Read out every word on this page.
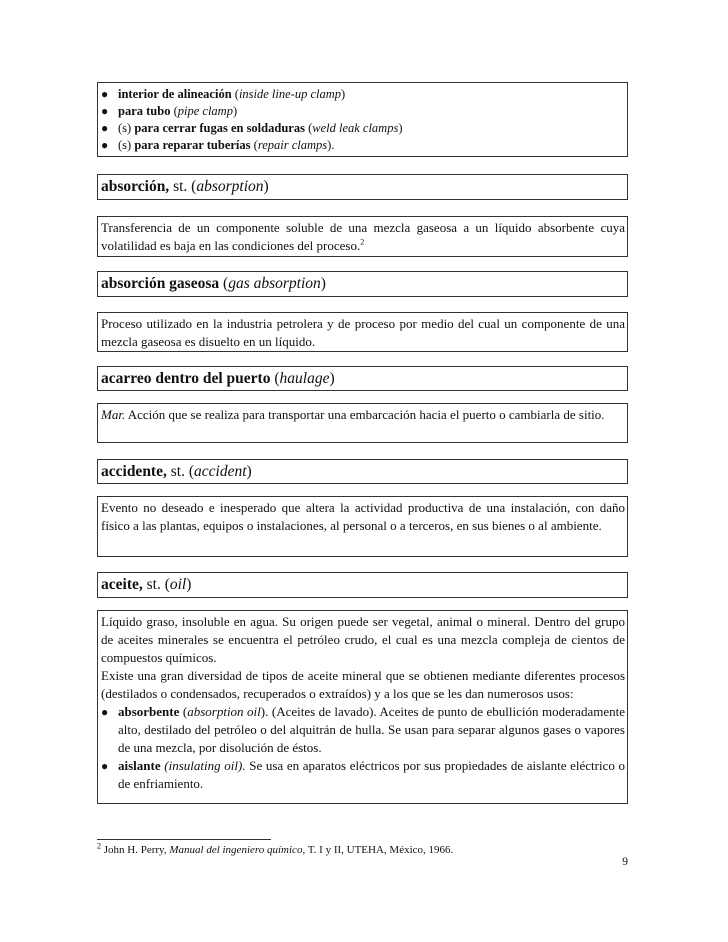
● interior de alineación (inside line-up clamp)
● para tubo (pipe clamp)
● (s) para cerrar fugas en soldaduras (weld leak clamps)
● (s) para reparar tuberías (repair clamps).
absorción, st. (absorption)
Transferencia de un componente soluble de una mezcla gaseosa a un líquido absorbente cuya volatilidad es baja en las condiciones del proceso.$^2$
absorción gaseosa (gas absorption)
Proceso utilizado en la industria petrolera y de proceso por medio del cual un componente de una mezcla gaseosa es disuelto en un líquido.
acarreo dentro del puerto (haulage)
Mar. Acción que se realiza para transportar una embarcación hacia el puerto o cambiarla de sitio.
accidente, st. (accident)
Evento no deseado e inesperado que altera la actividad productiva de una instalación, con daño físico a las plantas, equipos o instalaciones, al personal o a terceros, en sus bienes o al ambiente.
aceite, st. (oil)

Líquido graso, insoluble en agua. Su origen puede ser vegetal, animal o mineral. Dentro del grupo de aceites minerales se encuentra el petróleo crudo, el cual es una mezcla compleja de cientos de compuestos químicos.

Existe una gran diversidad de tipos de aceite mineral que se obtienen mediante diferentes procesos (destilados o condensados, recuperados o extraídos) y a los que se les dan numerosos usos:

● absorbente (absorption oil). (Aceites de lavado). Aceites de punto de ebullición moderadamente alto, destilado del petróleo o del alquitrán de hulla. Se usan para separar algunos gases o vapores de una mezcla, por disolución de éstos.
● aislante (insulating oil). Se usa en aparatos eléctricos por sus propiedades de aislante eléctrico o de enfriamiento.
$^2$ John H. Perry, Manual del ingeniero químico, T. I y II, UTEHA, México, 1966.
9
